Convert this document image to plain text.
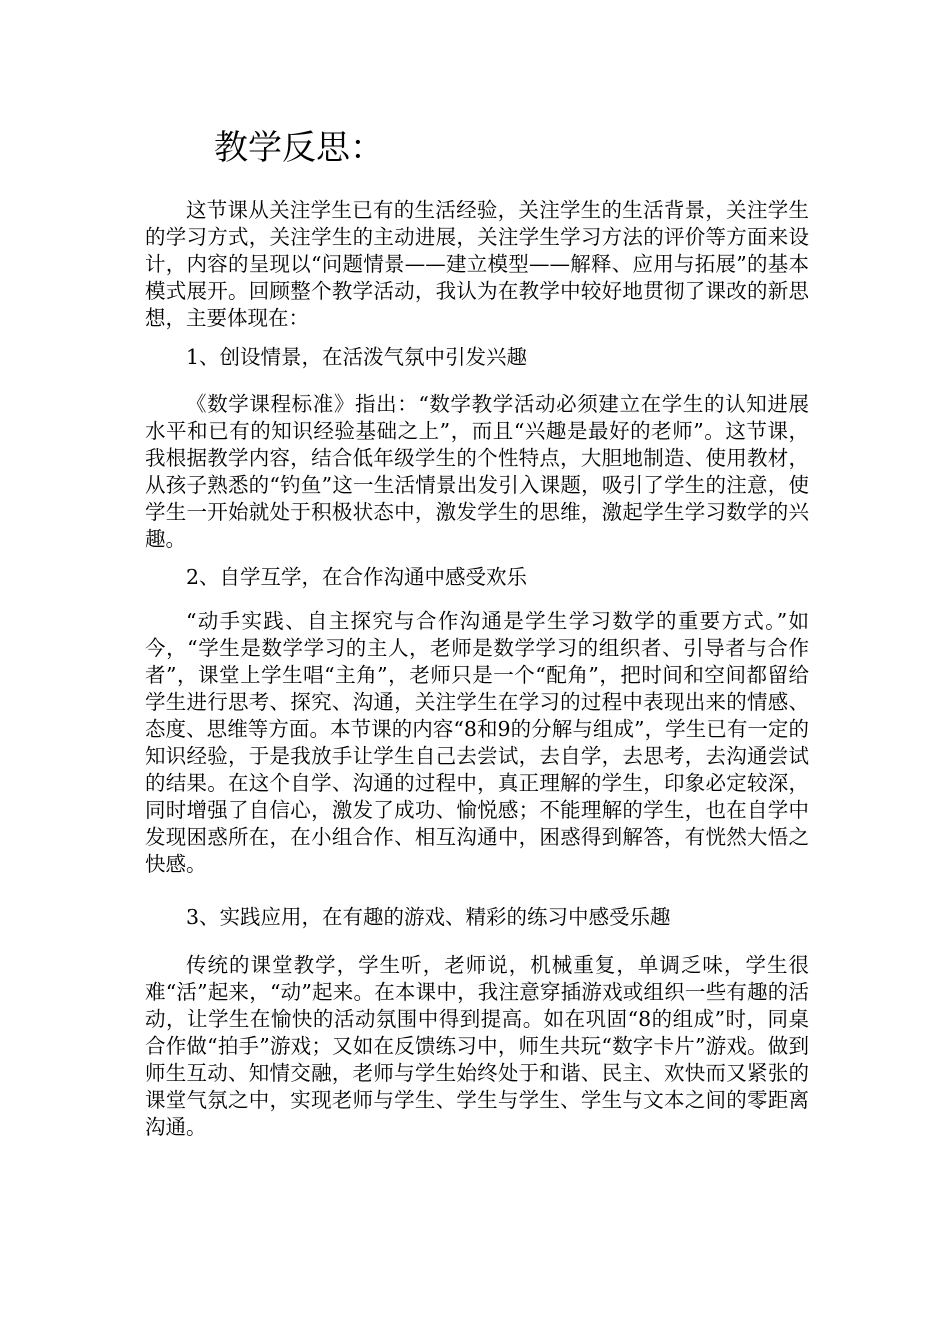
教学反思：

这节课从关注学生已有的生活经验，关注学生的生活背景，关注学生的学习方式，关注学生的主动进展，关注学生学习方法的评价等方面来设计，内容的呈现以“问题情景——建立模型——解释、应用与拓展”的基本模式展开。回顾整个教学活动，我认为在教学中较好地贯彻了课改的新思想，主要体现在：

1、创设情景，在活泼气氛中引发兴趣

《数学课程标准》指出：“数学教学活动必须建立在学生的认知进展水平和已有的知识经验基础之上”，而且“兴趣是最好的老师”。这节课，我根据教学内容，结合低年级学生的个性特点，大胆地制造、使用教材，从孩子熟悉的“钓鱼”这一生活情景出发引入课题，吸引了学生的注意，使学生一开始就处于积极状态中，激发学生的思维，激起学生学习数学的兴趣。

2、自学互学，在合作沟通中感受欢乐

“动手实践、自主探究与合作沟通是学生学习数学的重要方式。”如今，“学生是数学学习的主人，老师是数学学习的组织者、引导者与合作者”，课堂上学生唱“主角”，老师只是一个“配角”，把时间和空间都留给学生进行思考、探究、沟通，关注学生在学习的过程中表现出来的情感、态度、思维等方面。本节课的内容“8和9的分解与组成”，学生已有一定的知识经验，于是我放手让学生自己去尝试，去自学，去思考，去沟通尝试的结果。在这个自学、沟通的过程中，真正理解的学生，印象必定较深，同时增强了自信心，激发了成功、愉悦感；不能理解的学生，也在自学中发现困惑所在，在小组合作、相互沟通中，困惑得到解答，有恍然大悟之快感。

3、实践应用，在有趣的游戏、精彩的练习中感受乐趣

传统的课堂教学，学生听，老师说，机械重复，单调乏味，学生很难“活”起来，“动”起来。在本课中，我注意穿插游戏或组织一些有趣的活动，让学生在愉快的活动氛围中得到提高。如在巩固“8的组成”时，同桌合作做“拍手”游戏；又如在反馈练习中，师生共玩“数字卡片”游戏。做到师生互动、知情交融，老师与学生始终处于和谐、民主、欢快而又紧张的课堂气氛之中，实现老师与学生、学生与学生、学生与文本之间的零距离沟通。
